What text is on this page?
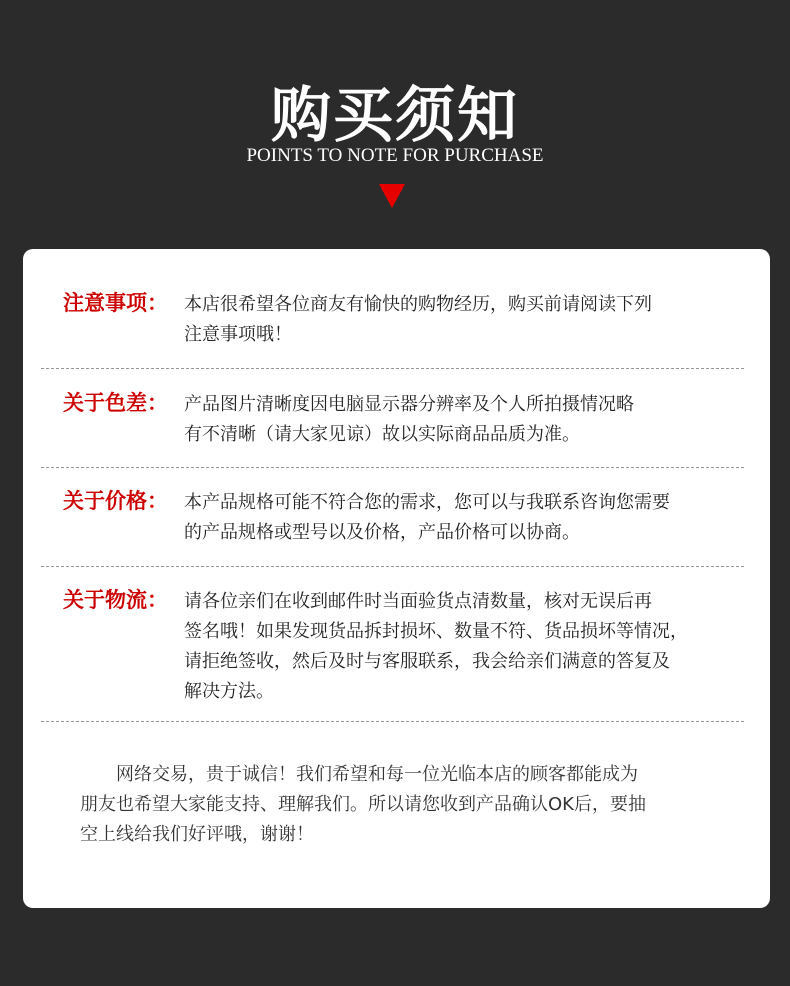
购买须知
POINTS TO NOTE FOR PURCHASE
注意事项： 本店很希望各位商友有愉快的购物经历，购买前请阅读下列
注意事项哦！
关于色差： 产品图片清晰度因电脑显示器分辨率及个人所拍摄情况略
有不清晰（请大家见谅）故以实际商品品质为准。
关于价格： 本产品规格可能不符合您的需求，您可以与我联系咨询您需要
的产品规格或型号以及价格，产品价格可以协商。
关于物流： 请各位亲们在收到邮件时当面验货点清数量，核对无误后再
签名哦！如果发现货品拆封损坏、数量不符、货品损坏等情况，
请拒绝签收，然后及时与客服联系，我会给亲们满意的答复及
解决方法。
　　网络交易，贵于诚信！我们希望和每一位光临本店的顾客都能成为
朋友也希望大家能支持、理解我们。所以请您收到产品确认OK后，要抽
空上线给我们好评哦，谢谢！
